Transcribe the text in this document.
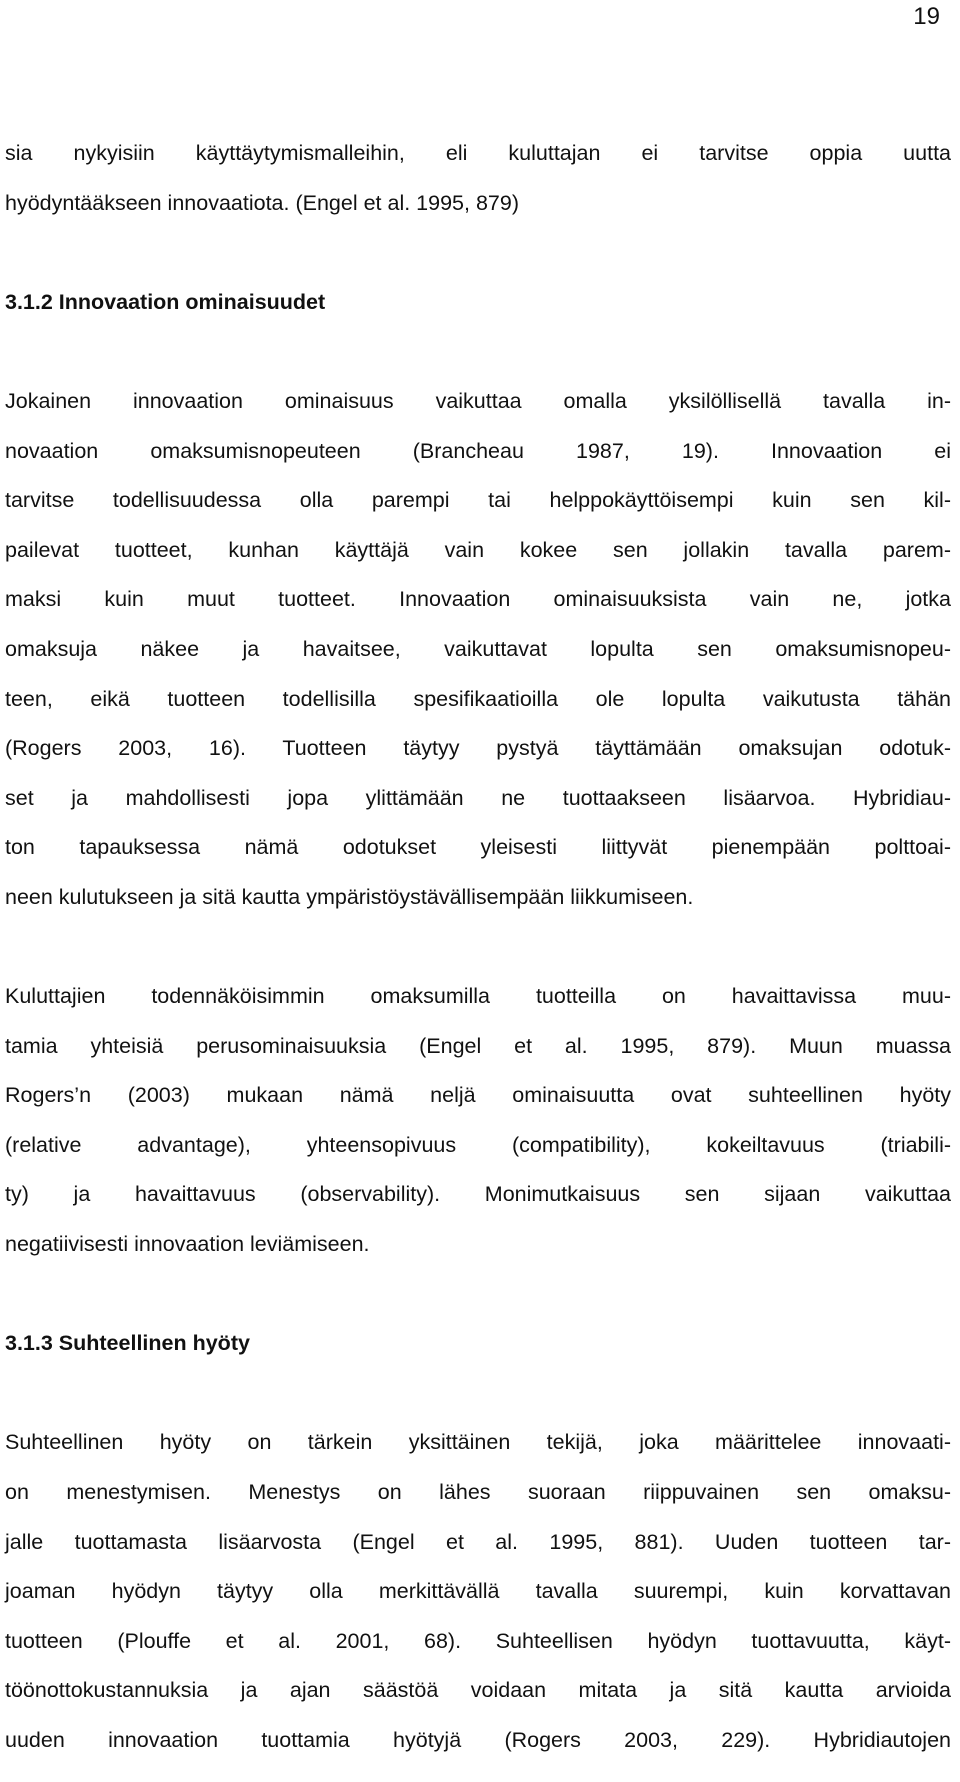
19

sia nykyisiin käyttäytymismalleihin, eli kuluttajan ei tarvitse oppia uutta
hyödyntääkseen innovaatiota. (Engel et al. 1995, 879)

3.1.2 Innovaation ominaisuudet

Jokainen innovaation ominaisuus vaikuttaa omalla yksilöllisellä tavalla in-
novaation omaksumisnopeuteen (Brancheau 1987, 19). Innovaation ei
tarvitse todellisuudessa olla parempi tai helppokäyttöisempi kuin sen kil-
pailevat tuotteet, kunhan käyttäjä vain kokee sen jollakin tavalla parem-
maksi kuin muut tuotteet. Innovaation ominaisuuksista vain ne, jotka
omaksuja näkee ja havaitsee, vaikuttavat lopulta sen omaksumisnopeu-
teen, eikä tuotteen todellisilla spesifikaatioilla ole lopulta vaikutusta tähän
(Rogers 2003, 16). Tuotteen täytyy pystyä täyttämään omaksujan odotuk-
set ja mahdollisesti jopa ylittämään ne tuottaakseen lisäarvoa. Hybridiau-
ton tapauksessa nämä odotukset yleisesti liittyvät pienempään polttoai-
neen kulutukseen ja sitä kautta ympäristöystävällisempään liikkumiseen.

Kuluttajien todennäköisimmin omaksumilla tuotteilla on havaittavissa muu-
tamia yhteisiä perusominaisuuksia (Engel et al. 1995, 879). Muun muassa
Rogers’n (2003) mukaan nämä neljä ominaisuutta ovat suhteellinen hyöty
(relative advantage), yhteensopivuus (compatibility), kokeiltavuus (triabili-
ty) ja havaittavuus (observability). Monimutkaisuus sen sijaan vaikuttaa
negatiivisesti innovaation leviämiseen.

3.1.3 Suhteellinen hyöty

Suhteellinen hyöty on tärkein yksittäinen tekijä, joka määrittelee innovaati-
on menestymisen. Menestys on lähes suoraan riippuvainen sen omaksu-
jalle tuottamasta lisäarvosta (Engel et al. 1995, 881). Uuden tuotteen tar-
joaman hyödyn täytyy olla merkittävällä tavalla suurempi, kuin korvattavan
tuotteen (Plouffe et al. 2001, 68). Suhteellisen hyödyn tuottavuutta, käyt-
töönottokustannuksia ja ajan säästöä voidaan mitata ja sitä kautta arvioida
uuden innovaation tuottamia hyötyjä (Rogers 2003, 229). Hybridiautojen
